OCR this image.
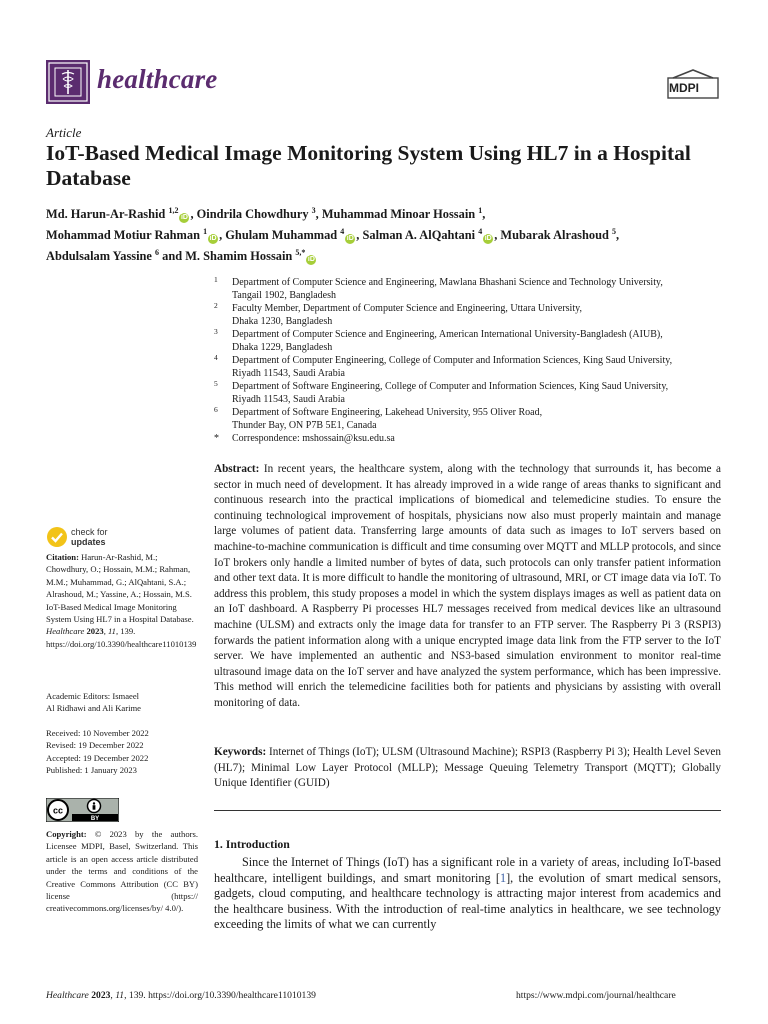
healthcare	MDPI
Article
IoT-Based Medical Image Monitoring System Using HL7 in a Hospital Database
Md. Harun-Ar-Rashid $^{1,2}$iD , Oindrila Chowdhury $^3$, Muhammad Minoar Hossain $^1$,
Mohammad Motiur Rahman $^1$iD , Ghulam Muhammad $^4$iD , Salman A. AlQahtani $^4$iD , Mubarak Alrashoud $^5$,
Abdulsalam Yassine $^6$ and M. Shamim Hossain $^{5,*}$iD
1 Department of Computer Science and Engineering, Mawlana Bhashani Science and Technology University,
Tangail 1902, Bangladesh
2 Faculty Member, Department of Computer Science and Engineering, Uttara University,
Dhaka 1230, Bangladesh
3 Department of Computer Science and Engineering, American International University-Bangladesh (AIUB),
Dhaka 1229, Bangladesh
4 Department of Computer Engineering, College of Computer and Information Sciences, King Saud University,
Riyadh 11543, Saudi Arabia
5 Department of Software Engineering, College of Computer and Information Sciences, King Saud University,
Riyadh 11543, Saudi Arabia
6 Department of Software Engineering, Lakehead University, 955 Oliver Road,
Thunder Bay, ON P7B 5E1, Canada
* Correspondence: mshossain@ksu.edu.sa
Abstract: In recent years, the healthcare system, along with the technology that surrounds it, has become a sector in much need of development. It has already improved in a wide range of areas thanks to significant and continuous research into the practical implications of biomedical and telemedicine studies. To ensure the continuing technological improvement of hospitals, physicians now also must properly maintain and manage large volumes of patient data. Transferring large amounts of data such as images to IoT servers based on machine-to-machine communication is difficult and time consuming over MQTT and MLLP protocols, and since IoT brokers only handle a limited number of bytes of data, such protocols can only transfer patient information and other text data. It is more difficult to handle the monitoring of ultrasound, MRI, or CT image data via IoT. To address this problem, this study proposes a model in which the system displays images as well as patient data on an IoT dashboard. A Raspberry Pi processes HL7 messages received from medical devices like an ultrasound machine (ULSM) and extracts only the image data for transfer to an FTP server. The Raspberry Pi 3 (RSPI3) forwards the patient information along with a unique encrypted image data link from the FTP server to the IoT server. We have implemented an authentic and NS3-based simulation environment to monitor real-time ultrasound image data on the IoT server and have analyzed the system performance, which has been impressive. This method will enrich the telemedicine facilities both for patients and physicians by assisting with overall monitoring of data.
Keywords: Internet of Things (IoT); ULSM (Ultrasound Machine); RSPI3 (Raspberry Pi 3); Health Level Seven (HL7); Minimal Low Layer Protocol (MLLP); Message Queuing Telemetry Transport (MQTT); Globally Unique Identifier (GUID)
1. Introduction
Since the Internet of Things (IoT) has a significant role in a variety of areas, including IoT-based healthcare, intelligent buildings, and smart monitoring [1], the evolution of smart medical sensors, gadgets, cloud computing, and healthcare technology is attracting major interest from academics and the healthcare business. With the introduction of real-time analytics in healthcare, we see technology exceeding the limits of what we can currently
check for
updates
Citation: Harun-Ar-Rashid, M.; Chowdhury, O.; Hossain, M.M.; Rahman, M.M.; Muhammad, G.; AlQahtani, S.A.; Alrashoud, M.; Yassine, A.; Hossain, M.S. IoT-Based Medical Image Monitoring System Using HL7 in a Hospital Database. Healthcare 2023, 11, 139. https://doi.org/10.3390/healthcare11010139
Academic Editors: Ismaeel
Al Ridhawi and Ali Karime
Received: 10 November 2022
Revised: 19 December 2022
Accepted: 19 December 2022
Published: 1 January 2023
cc
BY
Copyright: © 2023 by the authors. Licensee MDPI, Basel, Switzerland. This article is an open access article distributed under the terms and conditions of the Creative Commons Attribution (CC BY) license (https:// creativecommons.org/licenses/by/ 4.0/).
Healthcare 2023, 11, 139. https://doi.org/10.3390/healthcare11010139	https://www.mdpi.com/journal/healthcare
